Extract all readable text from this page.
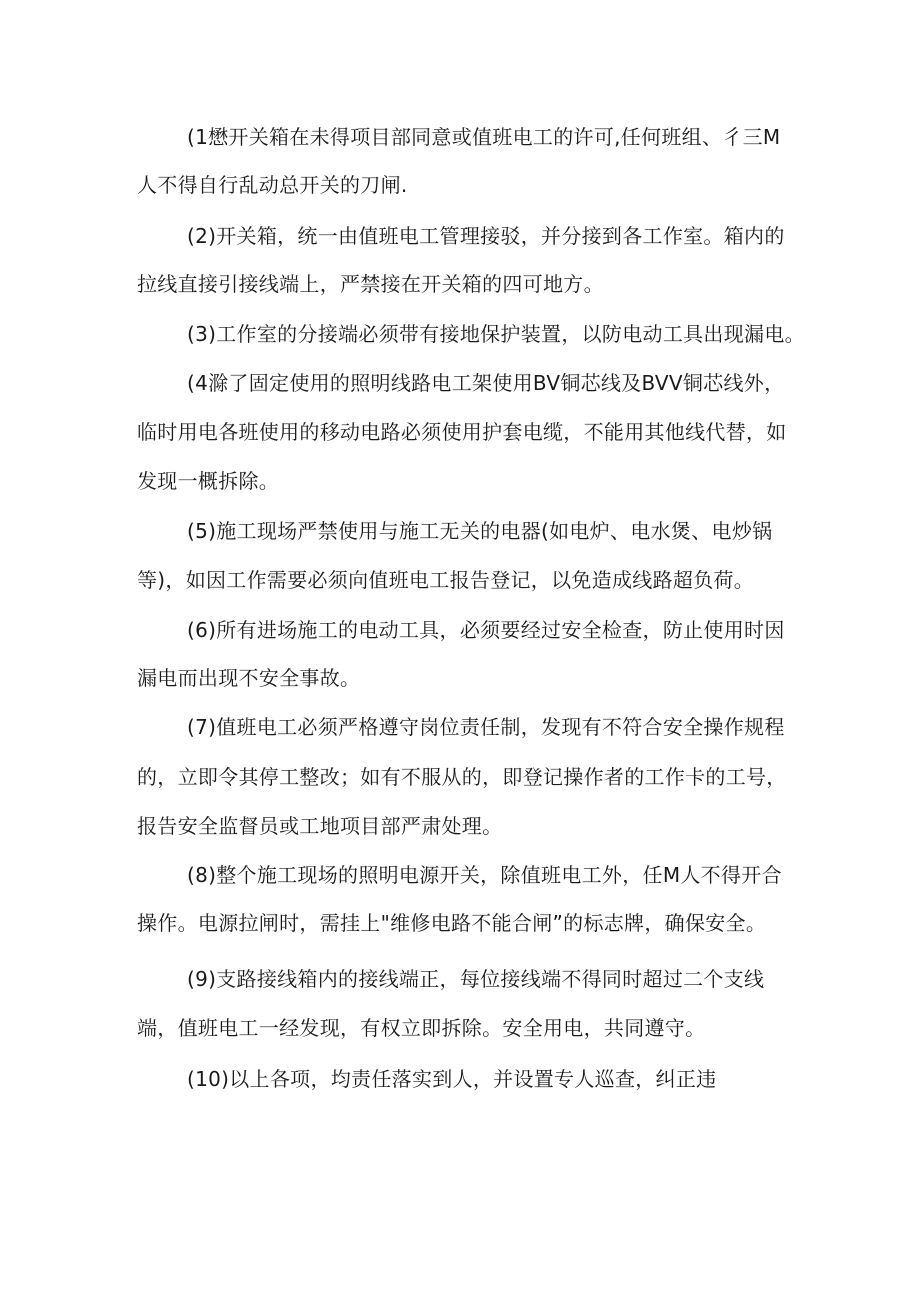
(1懋开关箱在未得项目部同意或值班电工的许可,任何班组、彳三M
人不得自行乱动总开关的刀闸.
(2)开关箱，统一由值班电工管理接驳，并分接到各工作室。箱内的
拉线直接引接线端上，严禁接在开关箱的四可地方。
(3)工作室的分接端必须带有接地保护装置，以防电动工具出现漏电。
(4滁了固定使用的照明线路电工架使用BV铜芯线及BVV铜芯线外，
临时用电各班使用的移动电路必须使用护套电缆，不能用其他线代替，如
发现一概拆除。
(5)施工现场严禁使用与施工无关的电器(如电炉、电水煲、电炒锅
等)，如因工作需要必须向值班电工报告登记，以免造成线路超负荷。
(6)所有进场施工的电动工具，必须要经过安全检查，防止使用时因
漏电而出现不安全事故。
(7)值班电工必须严格遵守岗位责任制，发现有不符合安全操作规程
的，立即令其停工整改；如有不服从的，即登记操作者的工作卡的工号，
报告安全监督员或工地项目部严肃处理。
(8)整个施工现场的照明电源开关，除值班电工外，任M人不得开合
操作。电源拉闸时，需挂上"维修电路不能合闸”的标志牌，确保安全。
(9)支路接线箱内的接线端正，每位接线端不得同时超过二个支线
端，值班电工一经发现，有权立即拆除。安全用电，共同遵守。
(10)以上各项，均责任落实到人，并设置专人巡查，纠正违
